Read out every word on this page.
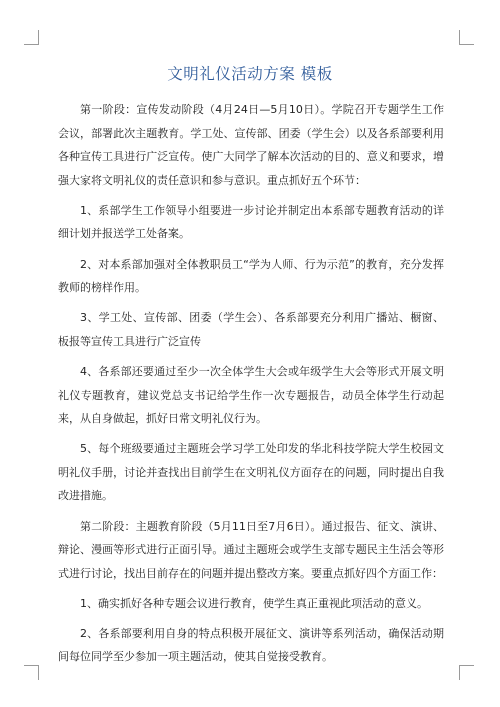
文明礼仪活动方案 模板

第一阶段：宣传发动阶段（4月24日—5月10日）。学院召开专题学生工作会议，部署此次主题教育。学工处、宣传部、团委（学生会）以及各系部要利用各种宣传工具进行广泛宣传。使广大同学了解本次活动的目的、意义和要求，增强大家将文明礼仪的责任意识和参与意识。重点抓好五个环节：

1、系部学生工作领导小组要进一步讨论并制定出本系部专题教育活动的详细计划并报送学工处备案。

2、对本系部加强对全体教职员工“学为人师、行为示范”的教育，充分发挥教师的榜样作用。

3、学工处、宣传部、团委（学生会）、各系部要充分利用广播站、橱窗、板报等宣传工具进行广泛宣传

4、各系部还要通过至少一次全体学生大会或年级学生大会等形式开展文明礼仪专题教育，建议党总支书记给学生作一次专题报告，动员全体学生行动起来，从自身做起，抓好日常文明礼仪行为。

5、每个班级要通过主题班会学习学工处印发的华北科技学院大学生校园文明礼仪手册，讨论并查找出目前学生在文明礼仪方面存在的问题，同时提出自我改进措施。

第二阶段：主题教育阶段（5月11日至7月6日）。通过报告、征文、演讲、辩论、漫画等形式进行正面引导。通过主题班会或学生支部专题民主生活会等形式进行讨论，找出目前存在的问题并提出整改方案。要重点抓好四个方面工作：

1、确实抓好各种专题会议进行教育，使学生真正重视此项活动的意义。

2、各系部要利用自身的特点积极开展征文、演讲等系列活动，确保活动期间每位同学至少参加一项主题活动，使其自觉接受教育。
